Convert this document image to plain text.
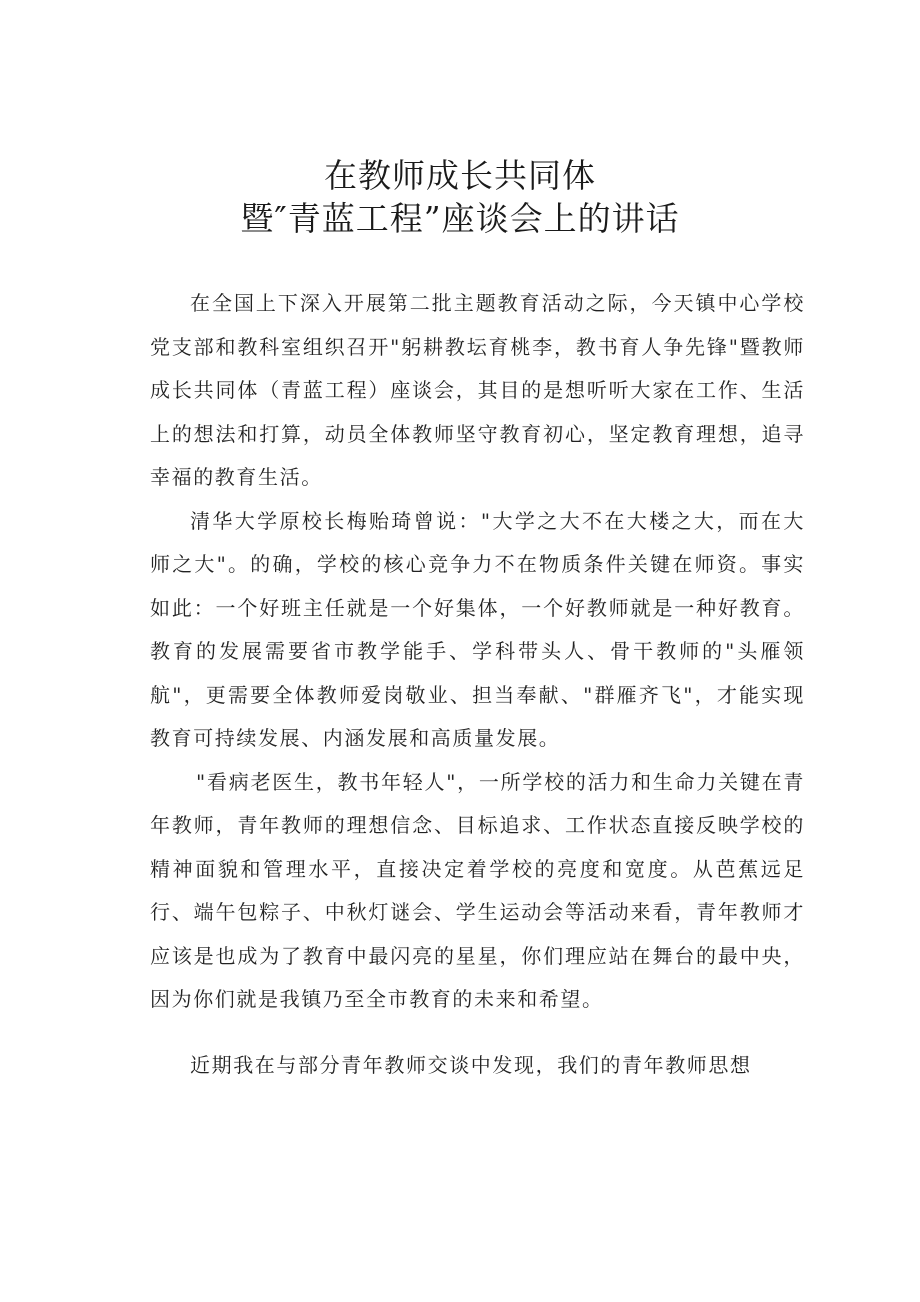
在教师成长共同体
暨″青蓝工程”座谈会上的讲话

在全国上下深入开展第二批主题教育活动之际，今天镇中心学校党支部和教科室组织召开"躬耕教坛育桃李，教书育人争先锋"暨教师成长共同体（青蓝工程）座谈会，其目的是想听听大家在工作、生活上的想法和打算，动员全体教师坚守教育初心，坚定教育理想，追寻幸福的教育生活。

清华大学原校长梅贻琦曾说："大学之大不在大楼之大，而在大师之大"。的确，学校的核心竞争力不在物质条件关键在师资。事实如此：一个好班主任就是一个好集体，一个好教师就是一种好教育。教育的发展需要省市教学能手、学科带头人、骨干教师的"头雁领航"，更需要全体教师爱岗敬业、担当奉献、"群雁齐飞"，才能实现教育可持续发展、内涵发展和高质量发展。

"看病老医生，教书年轻人"，一所学校的活力和生命力关键在青年教师，青年教师的理想信念、目标追求、工作状态直接反映学校的精神面貌和管理水平，直接决定着学校的亮度和宽度。从芭蕉远足行、端午包粽子、中秋灯谜会、学生运动会等活动来看，青年教师才应该是也成为了教育中最闪亮的星星，你们理应站在舞台的最中央，因为你们就是我镇乃至全市教育的未来和希望。

近期我在与部分青年教师交谈中发现，我们的青年教师思想
